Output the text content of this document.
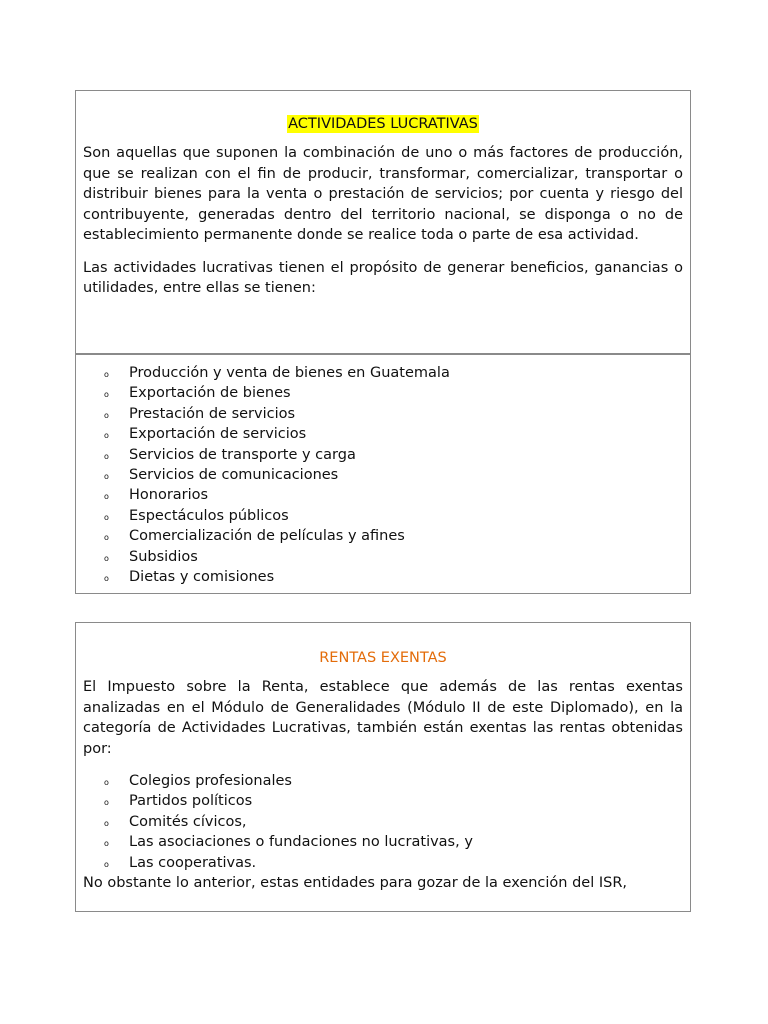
ACTIVIDADES LUCRATIVAS

Son aquellas que suponen la combinación de uno o más factores de producción, que se realizan con el fin de producir, transformar, comercializar, transportar o distribuir bienes para la venta o prestación de servicios; por cuenta y riesgo del contribuyente, generadas dentro del territorio nacional, se disponga o no de establecimiento permanente donde se realice toda o parte de esa actividad.

Las actividades lucrativas tienen el propósito de generar beneficios, ganancias o utilidades, entre ellas se tienen:

o Producción y venta de bienes en Guatemala
o Exportación de bienes
o Prestación de servicios
o Exportación de servicios
o Servicios de transporte y carga
o Servicios de comunicaciones
o Honorarios
o Espectáculos públicos
o Comercialización de películas y afines
o Subsidios
o Dietas y comisiones
RENTAS EXENTAS

El Impuesto sobre la Renta, establece que además de las rentas exentas analizadas en el Módulo de Generalidades (Módulo II de este Diplomado), en la categoría de Actividades Lucrativas, también están exentas las rentas obtenidas por:

o Colegios profesionales
o Partidos políticos
o Comités cívicos,
o Las asociaciones o fundaciones no lucrativas, y
o Las cooperativas.

No obstante lo anterior, estas entidades para gozar de la exención del ISR,
